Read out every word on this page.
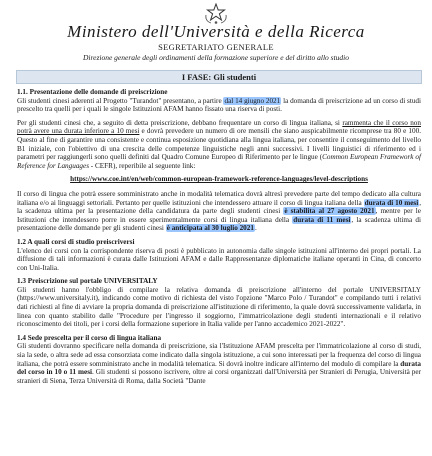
Ministero dell'Università e della Ricerca
SEGRETARIATO GENERALE
Direzione generale degli ordinamenti della formazione superiore e del diritto allo studio
I FASE: Gli studenti

1.1. Presentazione delle domande di preiscrizione

Gli studenti cinesi aderenti al Progetto "Turandot" presentano, a partire dal 14 giugno 2021 la domanda di preiscrizione ad un corso di studi prescelto tra quelli per i quali le singole Istituzioni AFAM hanno fissato una riserva di posti.

Per gli studenti cinesi che, a seguito di detta preiscrizione, debbano frequentare un corso di lingua italiana, si rammenta che il corso non potrà avere una durata inferiore a 10 mesi e dovrà prevedere un numero di ore mensili che siano auspicabilmente ricomprese tra 80 e 100. Questo al fine di garantire una consistente e continua esposizione quotidiana alla lingua italiana, per consentire il conseguimento del livello B1 iniziale, con l'obiettivo di una crescita delle competenze linguistiche negli anni successivi. I livelli linguistici di riferimento ed i parametri per raggiungerli sono quelli definiti dal Quadro Comune Europeo di Riferimento per le lingue (Common European Framework of Reference for Languages - CEFR), reperibile al seguente link:

https://www.coe.int/en/web/common-european-framework-reference-languages/level-descriptions

Il corso di lingua che potrà essere somministrato anche in modalità telematica dovrà altresì prevedere parte del tempo dedicato alla cultura italiana e/o ai linguaggi settoriali. Pertanto per quelle istituzioni che intendessero attuare il corso di lingua italiana della durata di 10 mesi, la scadenza ultima per la presentazione della candidatura da parte degli studenti cinesi è stabilita al 27 agosto 2021, mentre per le Istituzioni che intendessero porre in essere sperimentalmente corsi di lingua italiana della durata di 11 mesi, la scadenza ultima di presentazione delle domande per gli studenti cinesi è anticipata al 30 luglio 2021.

1.2 A quali corsi di studio preiscriversi

L'elenco dei corsi con la corrispondente riserva di posti è pubblicato in autonomia dalle singole istituzioni all'interno dei propri portali. La diffusione di tali informazioni è curata dalle Istituzioni AFAM e dalle Rappresentanze diplomatiche italiane operanti in Cina, di concerto con Uni-Italia.

1.3 Preiscrizione sul portale UNIVERSITALY

Gli studenti hanno l'obbligo di compilare la relativa domanda di preiscrizione all'interno del portale UNIVERSITALY (https://www.universitaly.it), indicando come motivo di richiesta del visto l'opzione "Marco Polo / Turandot" e compilando tutti i relativi dati richiesti al fine di avviare la propria domanda di preiscrizione all'istituzione di riferimento, la quale dovrà successivamente validarla, in linea con quanto stabilito dalle "Procedure per l'ingresso il soggiorno, l'immatricolazione degli studenti internazionali e il relativo riconoscimento dei titoli, per i corsi della formazione superiore in Italia valide per l'anno accademico 2021-2022".

1.4 Sede prescelta per il corso di lingua italiana

Gli studenti dovranno specificare nella domanda di preiscrizione, sia l'Istituzione AFAM prescelta per l'immatricolazione al corso di studi, sia la sede, o altra sede ad essa consorziata come indicato dalla singola istituzione, a cui sono interessati per la frequenza del corso di lingua italiana, che potrà essere somministrato anche in modalità telematica. Si dovrà inoltre indicare all'interno del modulo di compilare la durata del corso in 10 o 11 mesi. Gli studenti si possono iscrivere, oltre ai corsi organizzati dall'Università per Stranieri di Perugia, Università per stranieri di Siena, Terza Università di Roma, dalla Società "Dante
